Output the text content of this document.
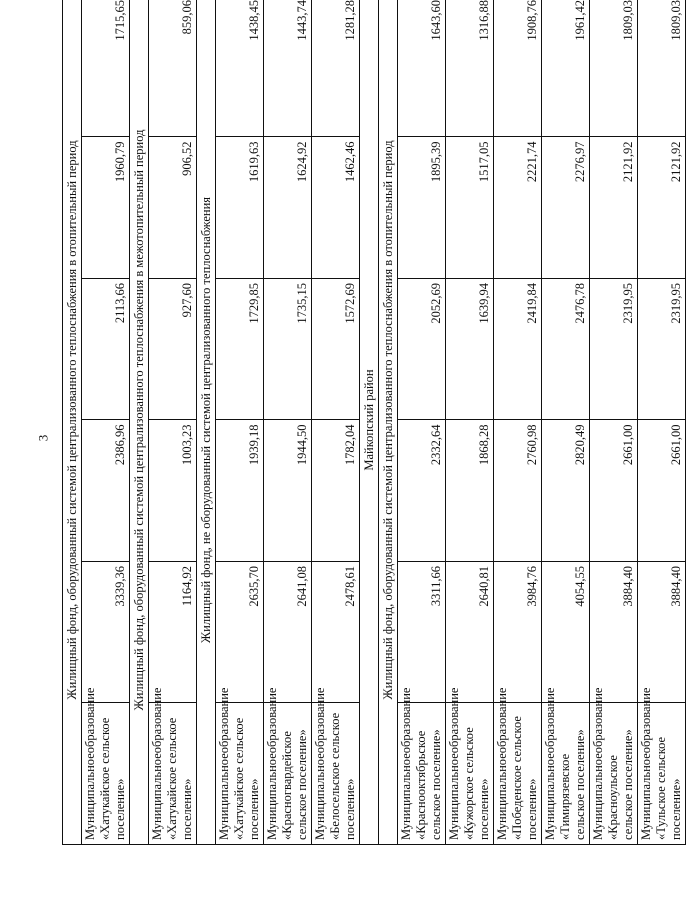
3 Жилищный фонд, оборудованный системой централизованного теплоснабжения в отопительный период					

Муниципальное
образование «Хатукайское сельское поселение»	3339,36	2386,96	2113,66	1960,79	1715,65
Жилищный фонд, оборудованный системой централизованного теплоснабжения в межотопительный период					

Муниципальное
образование «Хатукайское сельское поселение»	1164,92	1003,23	927,60	906,52	859,06
Жилищный фонд, не оборудованный системой централизованного теплоснабжения					

Муниципальное
образование «Хатукайское сельское поселение»	2635,70	1939,18	1729,85	1619,63	1438,45

Муниципальное
образование
«Красногвардейское сельское поселение»	2641,08	1944,50	1735,15	1624,92	1443,74

Муниципальное
образование «Белосельское сельское поселение»	2478,61	1782,04	1572,69	1462,46	1281,28
Майкопский район					
Жилищный фонд, оборудованный системой централизованного теплоснабжения в отопительный период					

Муниципальное
образование
«Краснооктябрьское сельское поселение»	3311,66	2332,64	2052,69	1895,39	1643,60

Муниципальное
образование
«Кужорское сельское поселение»	2640,81	1868,28	1639,94	1517,05	1316,88

Муниципальное
образование «Победенское сельское поселение»	3984,76	2760,98	2419,84	2221,74	1908,76

Муниципальное
образование
«Тимирязевское сельское поселение»	4054,55	2820,49	2476,78	2276,97	1961,42

Муниципальное
образование
«Красноульское сельское поселение»	3884,40	2661,00	2319,95	2121,92	1809,03

Муниципальное
образование
«Тульское сельское поселение»	3884,40	2661,00	2319,95	2121,92	1809,03
